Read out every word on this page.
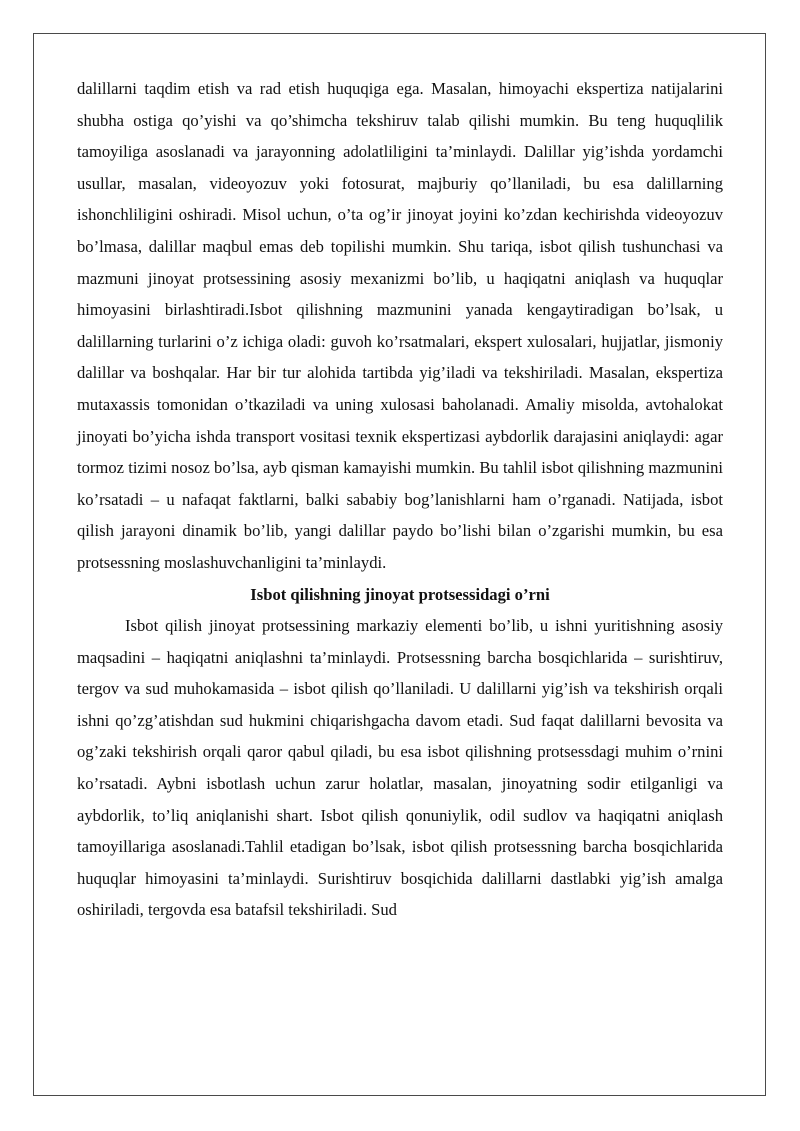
dalillarni taqdim etish va rad etish huquqiga ega. Masalan, himoyachi ekspertiza natijalarini shubha ostiga qo’yishi va qo’shimcha tekshiruv talab qilishi mumkin. Bu teng huquqlilik tamoyiliga asoslanadi va jarayonning adolatliligini ta’minlaydi. Dalillar yig’ishda yordamchi usullar, masalan, videoyozuv yoki fotosurat, majburiy qo’llaniladi, bu esa dalillarning ishonchliligini oshiradi. Misol uchun, o’ta og’ir jinoyat joyini ko’zdan kechirishda videoyozuv bo’lmasa, dalillar maqbul emas deb topilishi mumkin. Shu tariqa, isbot qilish tushunchasi va mazmuni jinoyat protsessining asosiy mexanizmi bo’lib, u haqiqatni aniqlash va huquqlar himoyasini birlashtiradi.Isbot qilishning mazmunini yanada kengaytiradigan bo’lsak, u dalillarning turlarini o’z ichiga oladi: guvoh ko’rsatmalari, ekspert xulosalari, hujjatlar, jismoniy dalillar va boshqalar. Har bir tur alohida tartibda yig’iladi va tekshiriladi. Masalan, ekspertiza mutaxassis tomonidan o’tkaziladi va uning xulosasi baholanadi. Amaliy misolda, avtohalokat jinoyati bo’yicha ishda transport vositasi texnik ekspertizasi aybdorlik darajasini aniqlaydi: agar tormoz tizimi nosoz bo’lsa, ayb qisman kamayishi mumkin. Bu tahlil isbot qilishning mazmunini ko’rsatadi – u nafaqat faktlarni, balki sababiy bog’lanishlarni ham o’rganadi. Natijada, isbot qilish jarayoni dinamik bo’lib, yangi dalillar paydo bo’lishi bilan o’zgarishi mumkin, bu esa protsessning moslashuvchanligini ta’minlaydi.

Isbot qilishning jinoyat protsessidagi o’rni

Isbot qilish jinoyat protsessining markaziy elementi bo’lib, u ishni yuritishning asosiy maqsadini – haqiqatni aniqlashni ta’minlaydi. Protsessning barcha bosqichlarida – surishtiruv, tergov va sud muhokamasida – isbot qilish qo’llaniladi. U dalillarni yig’ish va tekshirish orqali ishni qo’zg’atishdan sud hukmini chiqarishgacha davom etadi. Sud faqat dalillarni bevosita va og’zaki tekshirish orqali qaror qabul qiladi, bu esa isbot qilishning protsessdagi muhim o’rnini ko’rsatadi. Aybni isbotlash uchun zarur holatlar, masalan, jinoyatning sodir etilganligi va aybdorlik, to’liq aniqlanishi shart. Isbot qilish qonuniylik, odil sudlov va haqiqatni aniqlash tamoyillariga asoslanadi.Tahlil etadigan bo’lsak, isbot qilish protsessning barcha bosqichlarida huquqlar himoyasini ta’minlaydi. Surishtiruv bosqichida dalillarni dastlabki yig’ish amalga oshiriladi, tergovda esa batafsil tekshiriladi. Sud
